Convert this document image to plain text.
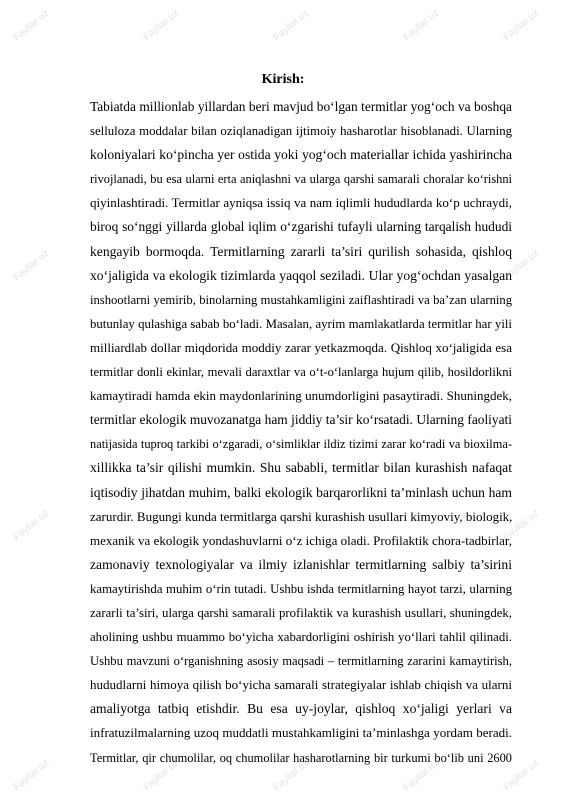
Fayllar.uz	Fayllar.uz	Fayllar.uz	Fayllar.uz	Fayllar.uz
Fayllar.uz	Fayllar.uz
Fayllar.uz	Fayllar.uz
Fayllar.uz	Fayllar.uz	Fayllar.uz	Fayllar.uz	Fayllar.uz
Kirish:
Tabiatda millionlab yillardan beri mavjud bo‘lgan termitlar yog‘och va boshqa
selluloza moddalar bilan oziqlanadigan ijtimoiy hasharotlar hisoblanadi. Ularning
koloniyalari ko‘pincha yer ostida yoki yog‘och materiallar ichida yashirincha
rivojlanadi, bu esa ularni erta aniqlashni va ularga qarshi samarali choralar ko‘rishni
qiyinlashtiradi. Termitlar ayniqsa issiq va nam iqlimli hududlarda ko‘p uchraydi,
biroq so‘nggi yillarda global iqlim o‘zgarishi tufayli ularning tarqalish hududi
kengayib bormoqda. Termitlarning zararli ta’siri qurilish sohasida, qishloq
xo‘jaligida va ekologik tizimlarda yaqqol seziladi. Ular yog‘ochdan yasalgan
inshootlarni yemirib, binolarning mustahkamligini zaiflashtiradi va ba’zan ularning
butunlay qulashiga sabab bo‘ladi. Masalan, ayrim mamlakatlarda termitlar har yili
milliardlab dollar miqdorida moddiy zarar yetkazmoqda. Qishloq xo‘jaligida esa
termitlar donli ekinlar, mevali daraxtlar va o‘t-o‘lanlarga hujum qilib, hosildorlikni
kamaytiradi hamda ekin maydonlarining unumdorligini pasaytiradi. Shuningdek,
termitlar ekologik muvozanatga ham jiddiy ta’sir ko‘rsatadi. Ularning faoliyati
natijasida tuproq tarkibi o‘zgaradi, o‘simliklar ildiz tizimi zarar ko‘radi va bioxilma-
xillikka ta’sir qilishi mumkin. Shu sababli, termitlar bilan kurashish nafaqat
iqtisodiy jihatdan muhim, balki ekologik barqarorlikni ta’minlash uchun ham
zarurdir. Bugungi kunda termitlarga qarshi kurashish usullari kimyoviy, biologik,
mexanik va ekologik yondashuvlarni o‘z ichiga oladi. Profilaktik chora-tadbirlar,
zamonaviy texnologiyalar va ilmiy izlanishlar termitlarning salbiy ta’sirini
kamaytirishda muhim o‘rin tutadi. Ushbu ishda termitlarning hayot tarzi, ularning
zararli ta’siri, ularga qarshi samarali profilaktik va kurashish usullari, shuningdek,
aholining ushbu muammo bo‘yicha xabardorligini oshirish yo‘llari tahlil qilinadi.
Ushbu mavzuni o‘rganishning asosiy maqsadi – termitlarning zararini kamaytirish,
hududlarni himoya qilish bo‘yicha samarali strategiyalar ishlab chiqish va ularni
amaliyotga tatbiq etishdir. Bu esa uy-joylar, qishloq xo‘jaligi yerlari va
infratuzilmalarning uzoq muddatli mustahkamligini ta’minlashga yordam beradi.
Termitlar, qir chumolilar, oq chumolilar hasharotlarning bir turkumi bo‘lib uni 2600
